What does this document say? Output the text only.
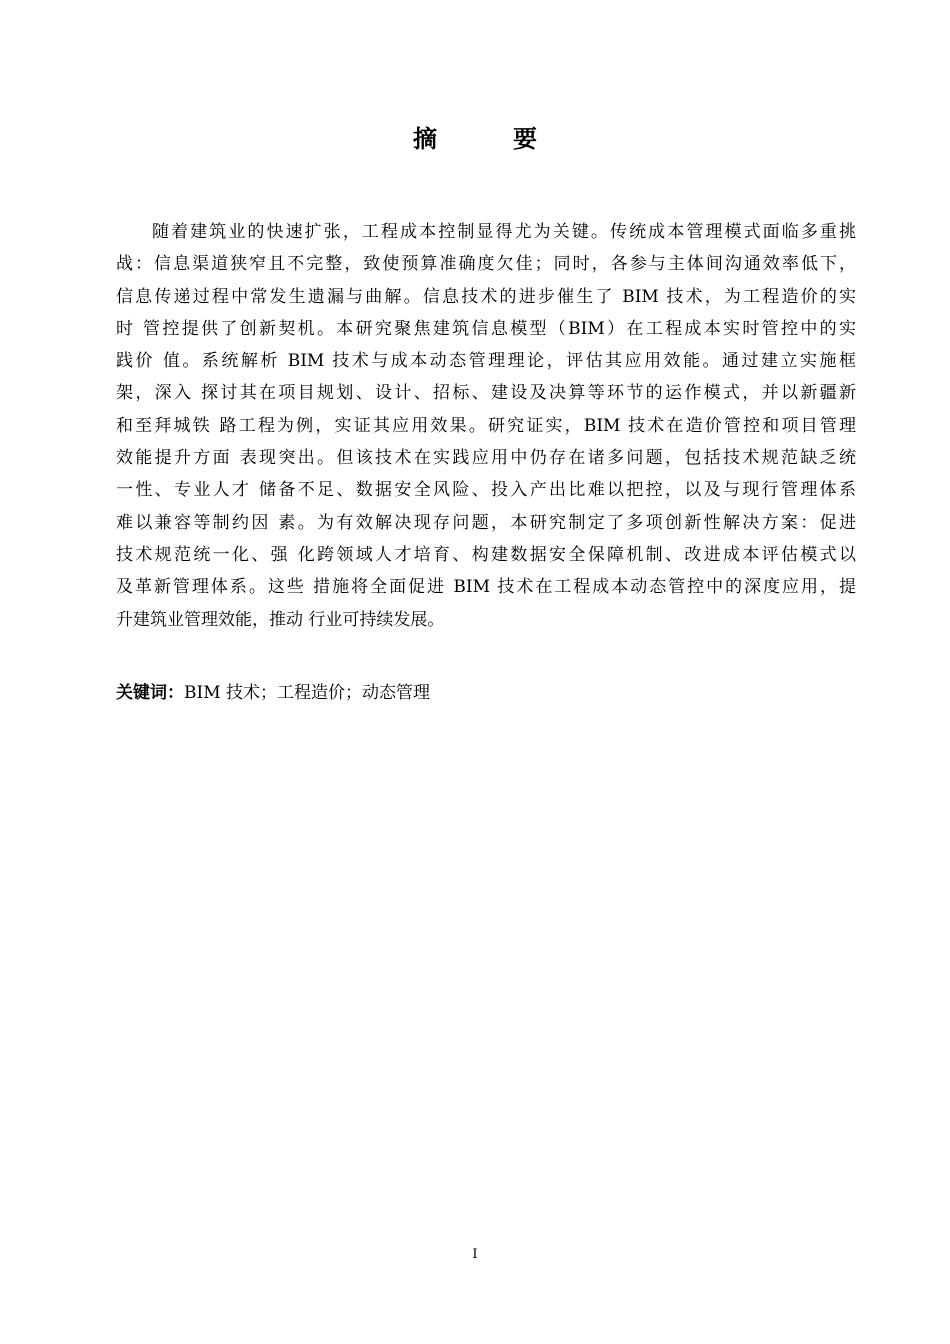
摘　要
随着建筑业的快速扩张，工程成本控制显得尤为关键。传统成本管理模式面临多重挑
战：信息渠道狭窄且不完整，致使预算准确度欠佳；同时，各参与主体间沟通效率低下，
信息传递过程中常发生遗漏与曲解。信息技术的进步催生了 BIM 技术，为工程造价的实
时 管控提供了创新契机。本研究聚焦建筑信息模型（BIM）在工程成本实时管控中的实
践价 值。系统解析 BIM 技术与成本动态管理理论，评估其应用效能。通过建立实施框
架，深入 探讨其在项目规划、设计、招标、建设及决算等环节的运作模式，并以新疆新
和至拜城铁 路工程为例，实证其应用效果。研究证实，BIM 技术在造价管控和项目管理
效能提升方面 表现突出。但该技术在实践应用中仍存在诸多问题，包括技术规范缺乏统
一性、专业人才 储备不足、数据安全风险、投入产出比难以把控，以及与现行管理体系
难以兼容等制约因 素。为有效解决现存问题，本研究制定了多项创新性解决方案：促进
技术规范统一化、强 化跨领域人才培育、构建数据安全保障机制、改进成本评估模式以
及革新管理体系。这些 措施将全面促进 BIM 技术在工程成本动态管控中的深度应用，提
升建筑业管理效能，推动 行业可持续发展。
关键词：BIM 技术；工程造价；动态管理
I
